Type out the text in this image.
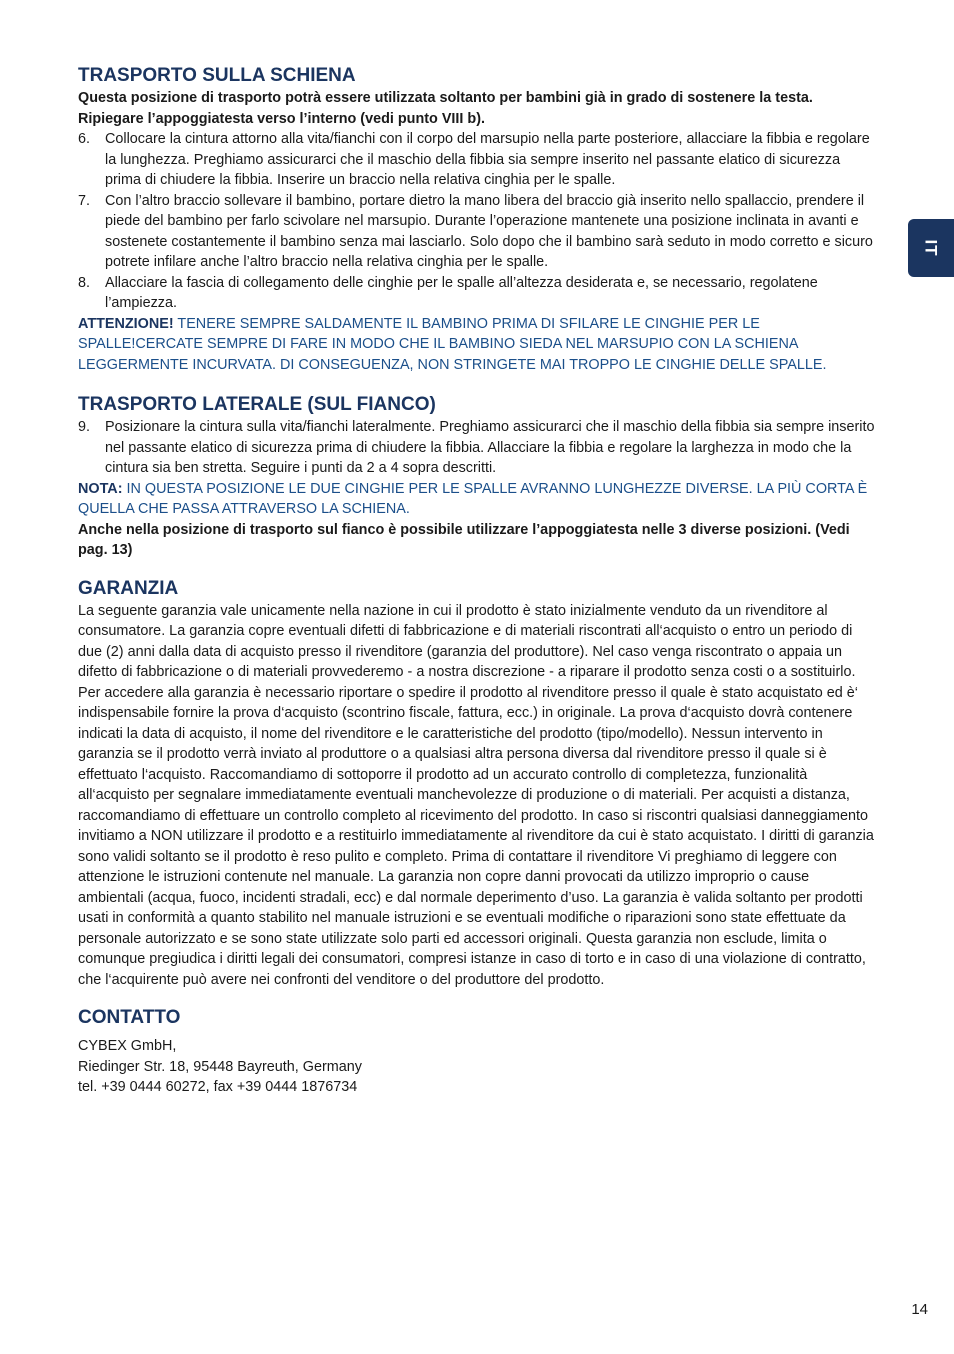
IT
TRASPORTO SULLA SCHIENA

Questa posizione di trasporto potrà essere utilizzata soltanto per bambini già in grado di sostenere la testa. Ripiegare l’appoggiatesta verso l’interno (vedi punto VIII b).

6. Collocare la cintura attorno alla vita/fianchi con il corpo del marsupio nella parte posteriore, allacciare la fibbia e regolare la lunghezza. Preghiamo assicurarci che il maschio della fibbia sia sempre inserito nel passante elatico di sicurezza prima di chiudere la fibbia. Inserire un braccio nella relativa cinghia per le spalle.
7. Con l’altro braccio sollevare il bambino, portare dietro la mano libera del braccio già inserito nello spallaccio, prendere il piede del bambino per farlo scivolare nel marsupio. Durante l’operazione mantenete una posizione inclinata in avanti e sostenete costantemente il bambino senza mai lasciarlo. Solo dopo che il bambino sarà seduto in modo corretto e sicuro potrete infilare anche l’altro braccio nella relativa cinghia per le spalle.
8. Allacciare la fascia di collegamento delle cinghie per le spalle all’altezza desiderata e, se necessario, regolatene l’ampiezza.

ATTENZIONE! TENERE SEMPRE SALDAMENTE IL BAMBINO PRIMA DI SFILARE LE CINGHIE PER LE SPALLE!CERCATE SEMPRE DI FARE IN MODO CHE IL BAMBINO SIEDA NEL MARSUPIO CON LA SCHIENA LEGGERMENTE INCURVATA. DI CONSEGUENZA, NON STRINGETE MAI TROPPO LE CINGHIE DELLE SPALLE.

TRASPORTO LATERALE (SUL FIANCO)
9. Posizionare la cintura sulla vita/fianchi lateralmente. Preghiamo assicurarci che il maschio della fibbia sia sempre inserito nel passante elatico di sicurezza prima di chiudere la fibbia. Allacciare la fibbia e regolare la larghezza in modo che la cintura sia ben stretta. Seguire i punti da 2 a 4 sopra descritti.

NOTA: IN QUESTA POSIZIONE LE DUE CINGHIE PER LE SPALLE AVRANNO LUNGHEZZE DIVERSE. LA PIÙ CORTA È QUELLA CHE PASSA ATTRAVERSO LA SCHIENA.

Anche nella posizione di trasporto sul fianco è possibile utilizzare l’appoggiatesta nelle 3 diverse posizioni. (Vedi pag. 13)

GARANZIA

La seguente garanzia vale unicamente nella nazione in cui il prodotto è stato inizialmente venduto da un rivenditore al consumatore. La garanzia copre eventuali difetti di fabbricazione e di materiali riscontrati all‘acquisto o entro un periodo di due (2) anni dalla data di acquisto presso il rivenditore (garanzia del produttore). Nel caso venga riscontrato o appaia un difetto di fabbricazione o di materiali provvederemo - a nostra discrezione - a riparare il prodotto senza costi o a sostituirlo. Per accedere alla garanzia è necessario riportare o spedire il prodotto al rivenditore presso il quale è stato acquistato ed è‘ indispensabile fornire la prova d‘acquisto (scontrino fiscale, fattura, ecc.) in originale. La prova d‘acquisto dovrà contenere indicati la data di acquisto, il nome del rivenditore e le caratteristiche del prodotto (tipo/modello). Nessun intervento in garanzia se il prodotto verrà inviato al produttore o a qualsiasi altra persona diversa dal rivenditore presso il quale si è effettuato l‘acquisto. Raccomandiamo di sottoporre il prodotto ad un accurato controllo di completezza, funzionalità all‘acquisto per segnalare immediatamente eventuali manchevolezze di produzione o di materiali. Per acquisti a distanza, raccomandiamo di effettuare un controllo completo al ricevimento del prodotto. In caso si riscontri qualsiasi danneggiamento invitiamo a NON utilizzare il prodotto e a restituirlo immediatamente al rivenditore da cui è stato acquistato. I diritti di garanzia sono validi soltanto se il prodotto è reso pulito e completo. Prima di contattare il rivenditore Vi preghiamo di leggere con attenzione le istruzioni contenute nel manuale. La garanzia non copre danni provocati da utilizzo improprio o cause ambientali (acqua, fuoco, incidenti stradali, ecc) e dal normale deperimento d’uso. La garanzia è valida soltanto per prodotti usati in conformità a quanto stabilito nel manuale istruzioni e se eventuali modifiche o riparazioni sono state effettuate da personale autorizzato e se sono state utilizzate solo parti ed accessori originali. Questa garanzia non esclude, limita o comunque pregiudica i diritti legali dei consumatori, compresi istanze in caso di torto e in caso di una violazione di contratto, che l‘acquirente può avere nei confronti del venditore o del produttore del prodotto.

CONTATTO

CYBEX GmbH,

Riedinger Str. 18, 95448 Bayreuth, Germany

tel. +39 0444 60272, fax +39 0444 1876734

14
